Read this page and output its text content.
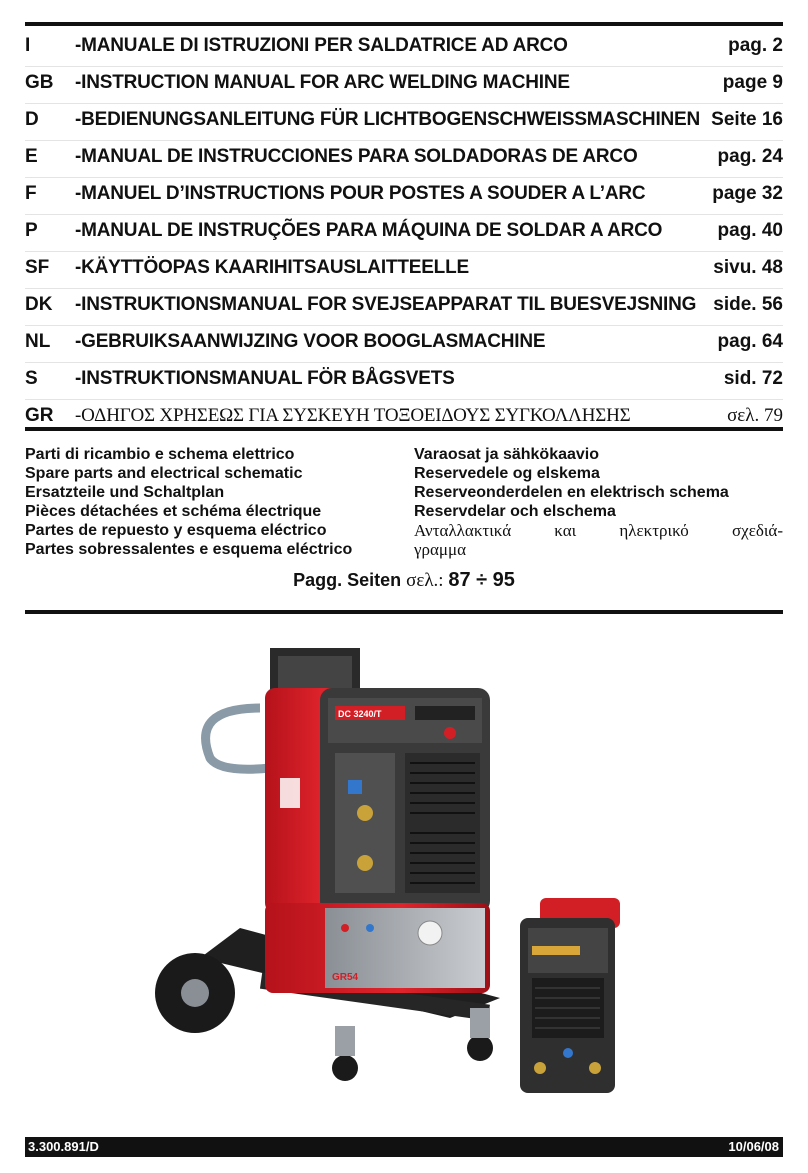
I -MANUALE DI ISTRUZIONI PER SALDATRICE AD ARCO	pag. 2
GB -INSTRUCTION MANUAL FOR ARC WELDING MACHINE	page 9
D -BEDIENUNGSANLEITUNG FÜR LICHTBOGENSCHWEISSMASCHINEN Seite 16
E -MANUAL DE INSTRUCCIONES PARA SOLDADORAS DE ARCO	pag. 24
F -MANUEL D’INSTRUCTIONS POUR POSTES A SOUDER A L’ARC	page 32
P -MANUAL DE INSTRUÇÕES PARA MÁQUINA DE SOLDAR A ARCO	pag. 40
SF -KÄYTTÖOPAS KAARIHITSAUSLAITTEELLE	sivu. 48
DK -INSTRUKTIONSMANUAL FOR SVEJSEAPPARAT TIL BUESVEJSNING side. 56
NL -GEBRUIKSAANWIJZING VOOR BOOGLASMACHINE	pag. 64
S -INSTRUKTIONSMANUAL FÖR BÅGSVETS	sid. 72
GR -ΟΔΗΓΟΣ ΧΡΗΣΕΩΣ ΓΙΑ ΣΥΣΚΕΥΗ ΤΟΞΟΕΙΔΟΥΣ ΣΥΓΚΟΛΛΗΣΗΣ	σελ. 79
Parti di ricambio e schema elettrico
Spare parts and electrical schematic
Ersatzteile und Schaltplan
Pièces détachées et schéma électrique
Partes de repuesto y esquema eléctrico
Partes sobressalentes e esquema eléctrico
Varaosat ja sähkökaavio
Reservedele og elskema
Reserveonderdelen en elektrisch schema
Reservdelar och elschema
Ανταλλακτικά και ηλεκτρικό σχεδιά-
γραμμα
Pagg. Seiten σελ.: 87 ÷ 95
DC 3240/T
GR54
3.300.891/D	10/06/08
